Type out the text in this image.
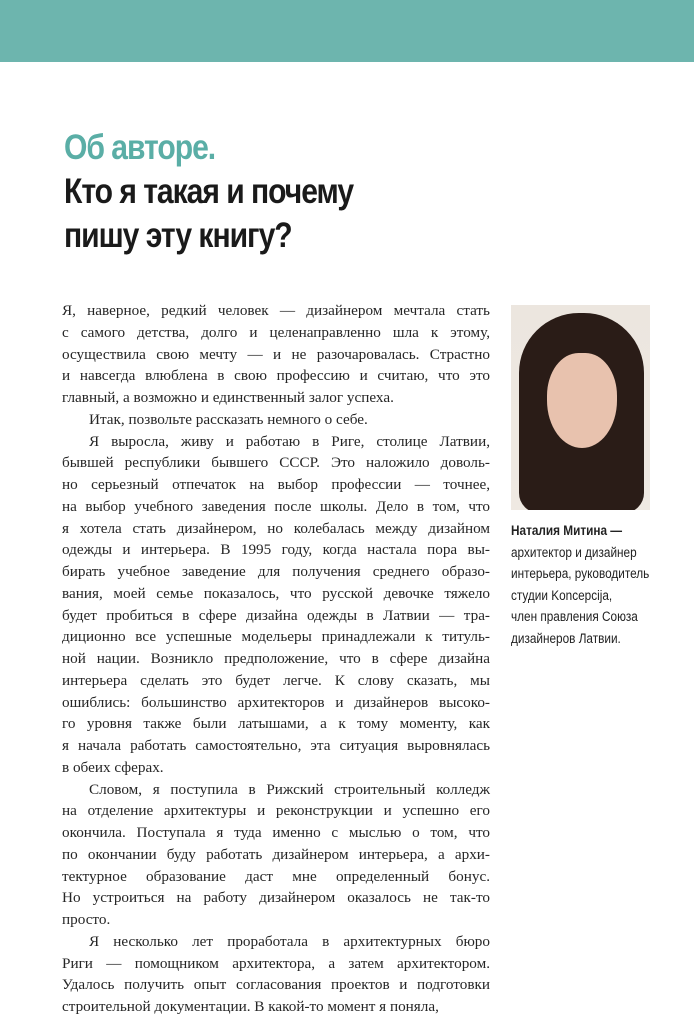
Об авторе.
Кто я такая и почему
пишу эту книгу?
Я, наверное, редкий человек — дизайнером мечтала стать
с самого детства, долго и целенаправленно шла к этому,
осуществила свою мечту — и не разочаровалась. Страстно
и навсегда влюблена в свою профессию и считаю, что это
главный, а возможно и единственный залог успеха.
Итак, позвольте рассказать немного о себе.
Я выросла, живу и работаю в Риге, столице Латвии,
бывшей республики бывшего СССР. Это наложило доволь-
но серьезный отпечаток на выбор профессии — точнее,
на выбор учебного заведения после школы. Дело в том, что
я хотела стать дизайнером, но колебалась между дизайном
одежды и интерьера. В 1995 году, когда настала пора вы-
бирать учебное заведение для получения среднего образо-
вания, моей семье показалось, что русской девочке тяжело
будет пробиться в сфере дизайна одежды в Латвии — тра-
диционно все успешные модельеры принадлежали к титуль-
ной нации. Возникло предположение, что в сфере дизайна
интерьера сделать это будет легче. К слову сказать, мы
ошиблись: большинство архитекторов и дизайнеров высоко-
го уровня также были латышами, а к тому моменту, как
я начала работать самостоятельно, эта ситуация выровнялась
в обеих сферах.
Словом, я поступила в Рижский строительный колледж
на отделение архитектуры и реконструкции и успешно его
окончила. Поступала я туда именно с мыслью о том, что
по окончании буду работать дизайнером интерьера, а архи-
тектурное образование даст мне определенный бонус.
Но устроиться на работу дизайнером оказалось не так-то
просто.
Я несколько лет проработала в архитектурных бюро
Риги — помощником архитектора, а затем архитектором.
Удалось получить опыт согласования проектов и подготовки
строительной документации. В какой-то момент я поняла,
Наталия Митина —
архитектор и дизайнер
интерьера, руководитель
студии Koncepcija,
член правления Союза
дизайнеров Латвии.
